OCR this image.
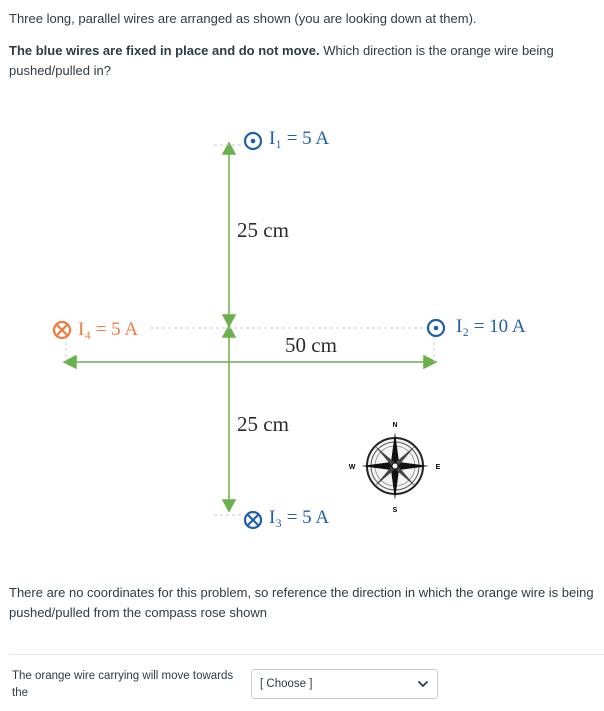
Three long, parallel wires are arranged as shown (you are looking down at them).

The blue wires are fixed in place and do not move. Which direction is the orange wire being pushed/pulled in?

I₁ = 5 A
I₂ = 10 A
I₃ = 5 A
I₄ = 5 A
25 cm
50 cm
25 cm	N
S
W	E

There are no coordinates for this problem, so reference the direction in which the orange wire is being pushed/pulled from the compass rose shown

The orange wire carrying will move towards the
[ Choose ]
